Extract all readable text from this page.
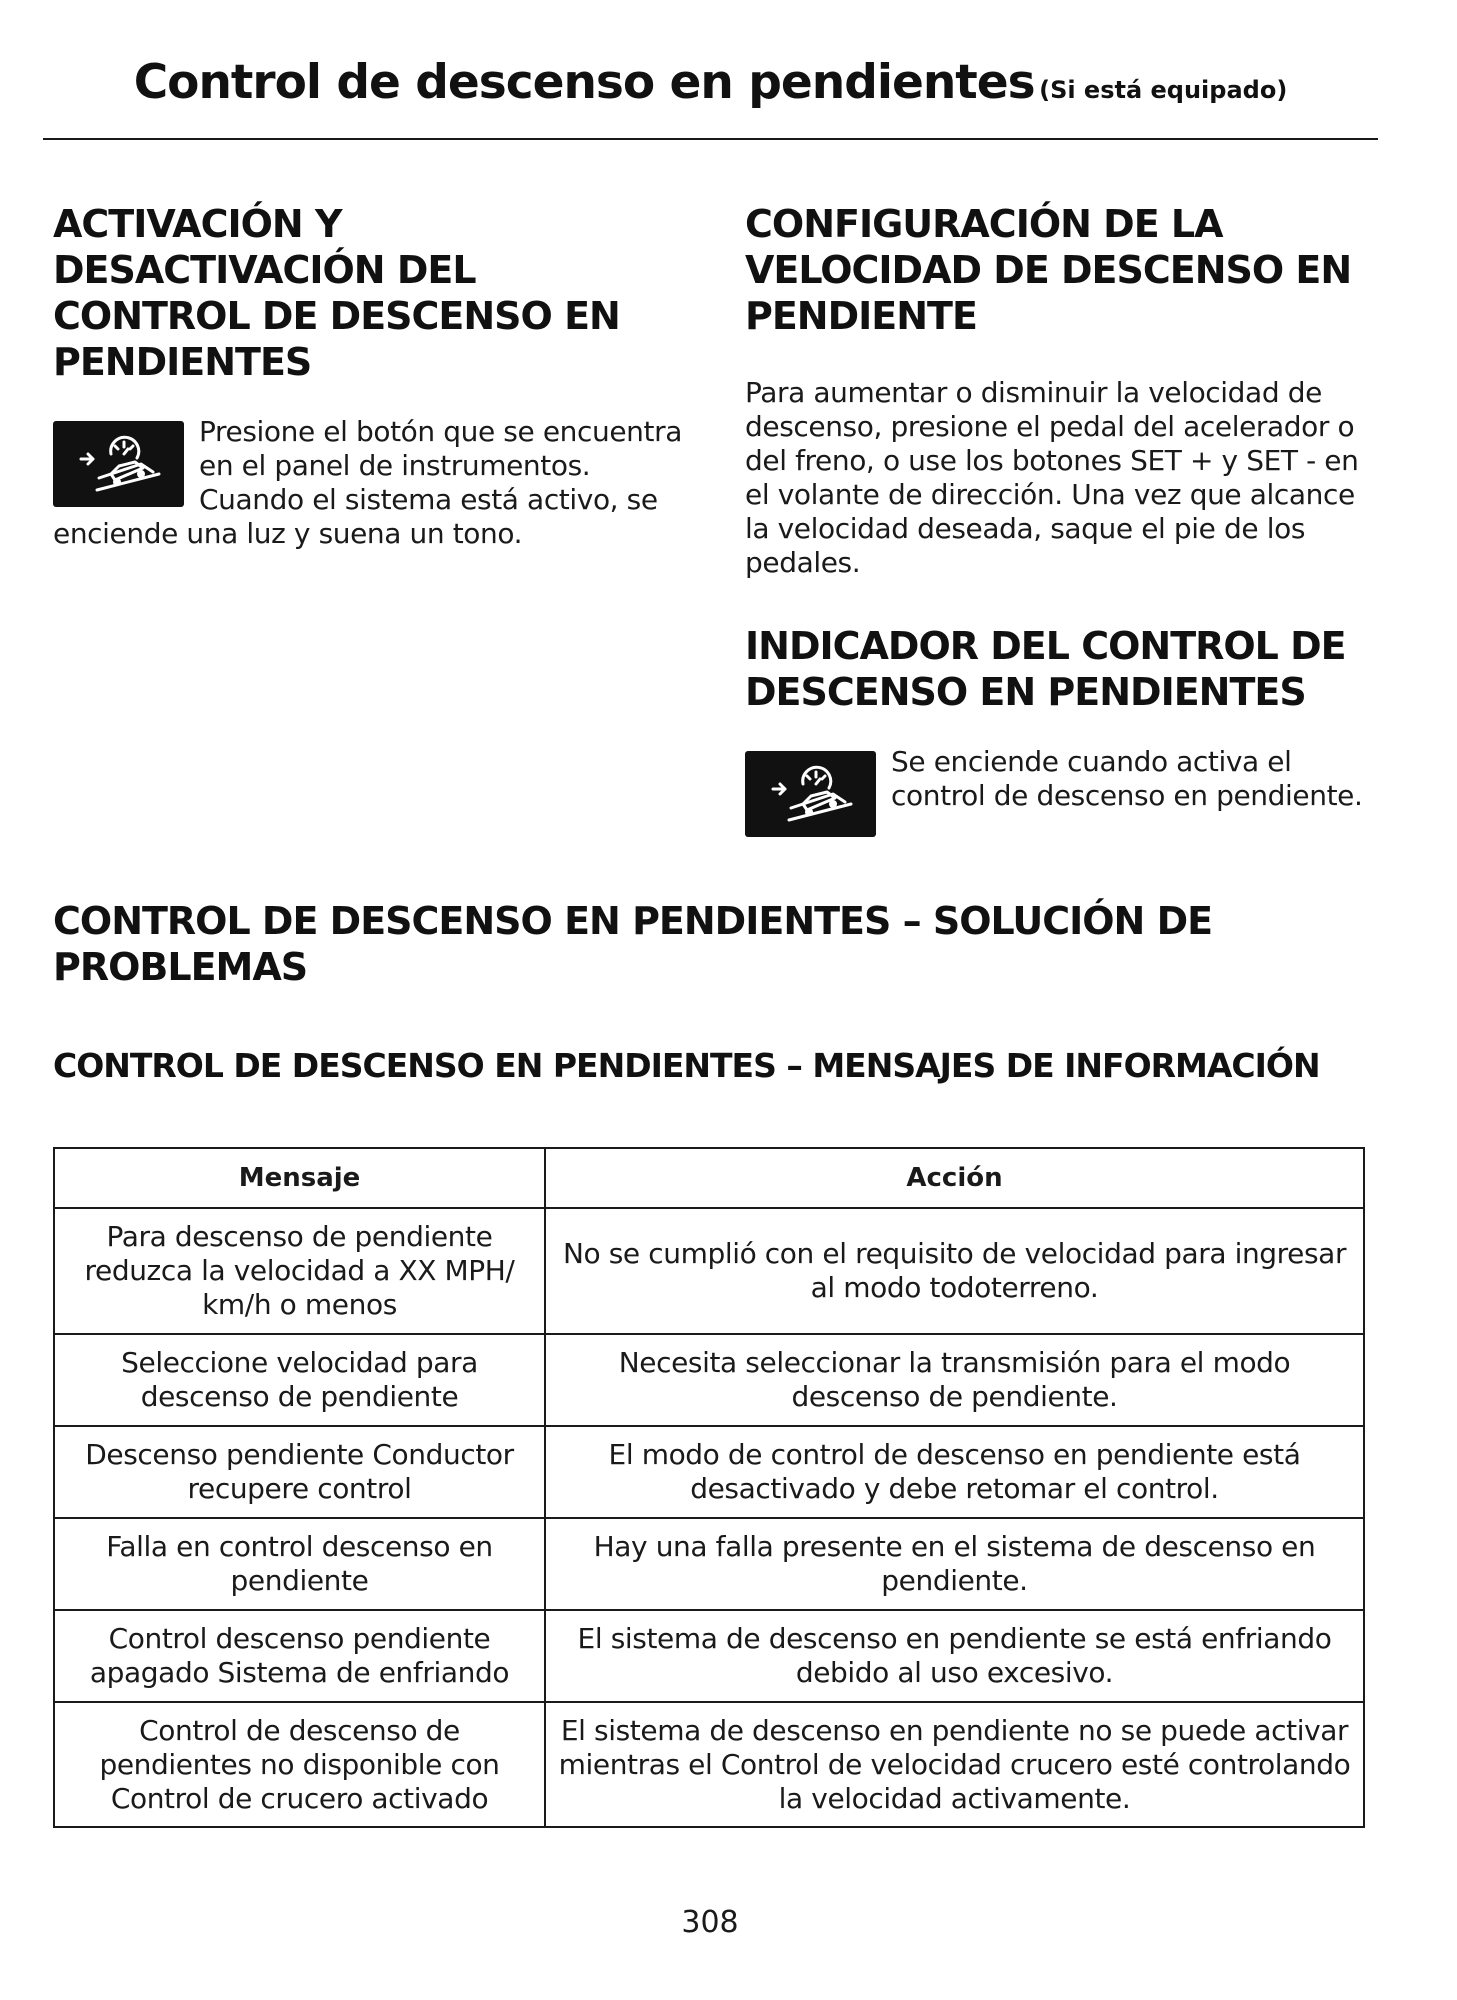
Control de descenso en pendientes (Si está equipado)
ACTIVACIÓN Y DESACTIVACIÓN DEL CONTROL DE DESCENSO EN PENDIENTES
Presione el botón que se encuentra en el panel de instrumentos. Cuando el sistema está activo, se enciende una luz y suena un tono.
CONFIGURACIÓN DE LA VELOCIDAD DE DESCENSO EN PENDIENTE

Para aumentar o disminuir la velocidad de descenso, presione el pedal del acelerador o del freno, o use los botones SET + y SET - en el volante de dirección. Una vez que alcance la velocidad deseada, saque el pie de los pedales.

INDICADOR DEL CONTROL DE DESCENSO EN PENDIENTES
Se enciende cuando activa el control de descenso en pendiente.
CONTROL DE DESCENSO EN PENDIENTES – SOLUCIÓN DE PROBLEMAS
CONTROL DE DESCENSO EN PENDIENTES – MENSAJES DE INFORMACIÓN
Mensaje	Acción
Para descenso de pendiente reduzca la velocidad a XX MPH/ km/h o menos	No se cumplió con el requisito de velocidad para ingresar al modo todoterreno.
Seleccione velocidad para descenso de pendiente	Necesita seleccionar la transmisión para el modo descenso de pendiente.
Descenso pendiente Conductor recupere control	El modo de control de descenso en pendiente está desactivado y debe retomar el control.
Falla en control descenso en pendiente	Hay una falla presente en el sistema de descenso en pendiente.
Control descenso pendiente apagado Sistema de enfriando	El sistema de descenso en pendiente se está enfriando debido al uso excesivo.
Control de descenso de pendientes no disponible con Control de crucero activado	El sistema de descenso en pendiente no se puede activar mientras el Control de velocidad crucero esté controlando la velocidad activamente.
308
